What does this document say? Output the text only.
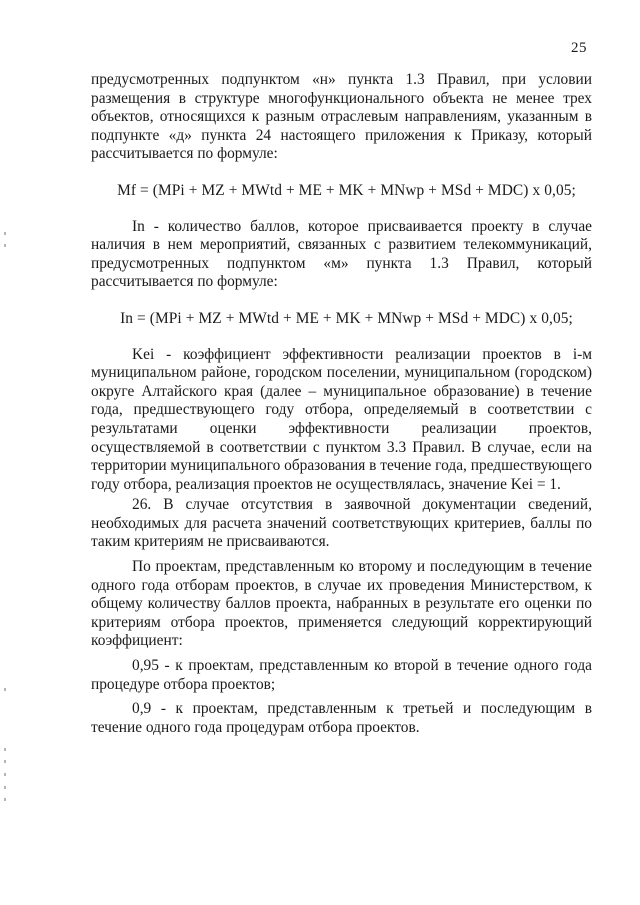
25

предусмотренных подпунктом «н» пункта 1.3 Правил, при условии размещения в структуре многофункционального объекта не менее трех объектов, относящихся к разным отраслевым направлениям, указанным в подпункте «д» пункта 24 настоящего приложения к Приказу, который рассчитывается по формуле:

Mf = (MPi + MZ + MWtd + ME + MK + MNwp + MSd + MDC) x 0,05;

In - количество баллов, которое присваивается проекту в случае наличия в нем мероприятий, связанных с развитием телекоммуникаций, предусмотренных подпунктом «м» пункта 1.3 Правил, который рассчитывается по формуле:

In = (MPi + MZ + MWtd + ME + MK + MNwp + MSd + MDC) x 0,05;

Kei - коэффициент эффективности реализации проектов в i-м муниципальном районе, городском поселении, муниципальном (городском) округе Алтайского края (далее – муниципальное образование) в течение года, предшествующего году отбора, определяемый в соответствии с результатами оценки эффективности реализации проектов, осуществляемой в соответствии с пунктом 3.3 Правил. В случае, если на территории муниципального образования в течение года, предшествующего году отбора, реализация проектов не осуществлялась, значение Kei = 1.

26. В случае отсутствия в заявочной документации сведений, необходимых для расчета значений соответствующих критериев, баллы по таким критериям не присваиваются.

По проектам, представленным ко второму и последующим в течение одного года отборам проектов, в случае их проведения Министерством, к общему количеству баллов проекта, набранных в результате его оценки по критериям отбора проектов, применяется следующий корректирующий коэффициент:

0,95 - к проектам, представленным ко второй в течение одного года процедуре отбора проектов;

0,9 - к проектам, представленным к третьей и последующим в течение одного года процедурам отбора проектов.
